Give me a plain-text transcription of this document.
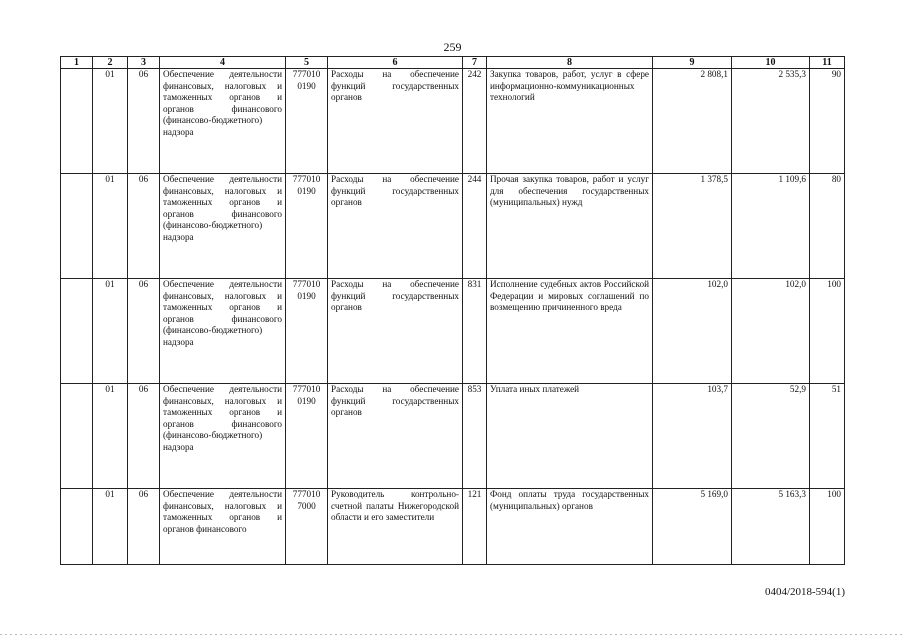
259
1	2	3	4	5	6	7	8	9	10	11
	01	06	Обеспечение деятельности финансовых, налоговых и таможенных органов и органов финансового (финансово-бюджетного) надзора	777010 0190	Расходы на обеспечение функций государственных органов	242	Закупка товаров, работ, услуг в сфере информационно-коммуникационных технологий	2 808,1	2 535,3	90
	01	06	Обеспечение деятельности финансовых, налоговых и таможенных органов и органов финансового (финансово-бюджетного) надзора	777010 0190	Расходы на обеспечение функций государственных органов	244	Прочая закупка товаров, работ и услуг для обеспечения государственных (муниципальных) нужд	1 378,5	1 109,6	80
	01	06	Обеспечение деятельности финансовых, налоговых и таможенных органов и органов финансового (финансово-бюджетного) надзора	777010 0190	Расходы на обеспечение функций государственных органов	831	Исполнение судебных актов Российской Федерации и мировых соглашений по возмещению причиненного вреда	102,0	102,0	100
	01	06	Обеспечение деятельности финансовых, налоговых и таможенных органов и органов финансового (финансово-бюджетного) надзора	777010 0190	Расходы на обеспечение функций государственных органов	853	Уплата иных платежей	103,7	52,9	51
	01	06	Обеспечение деятельности финансовых, налоговых и таможенных органов и органов финансового	777010 7000	Руководитель контрольно-счетной палаты Нижегородской области и его заместители	121	Фонд оплаты труда государственных (муниципальных) органов	5 169,0	5 163,3	100
0404/2018-594(1)
